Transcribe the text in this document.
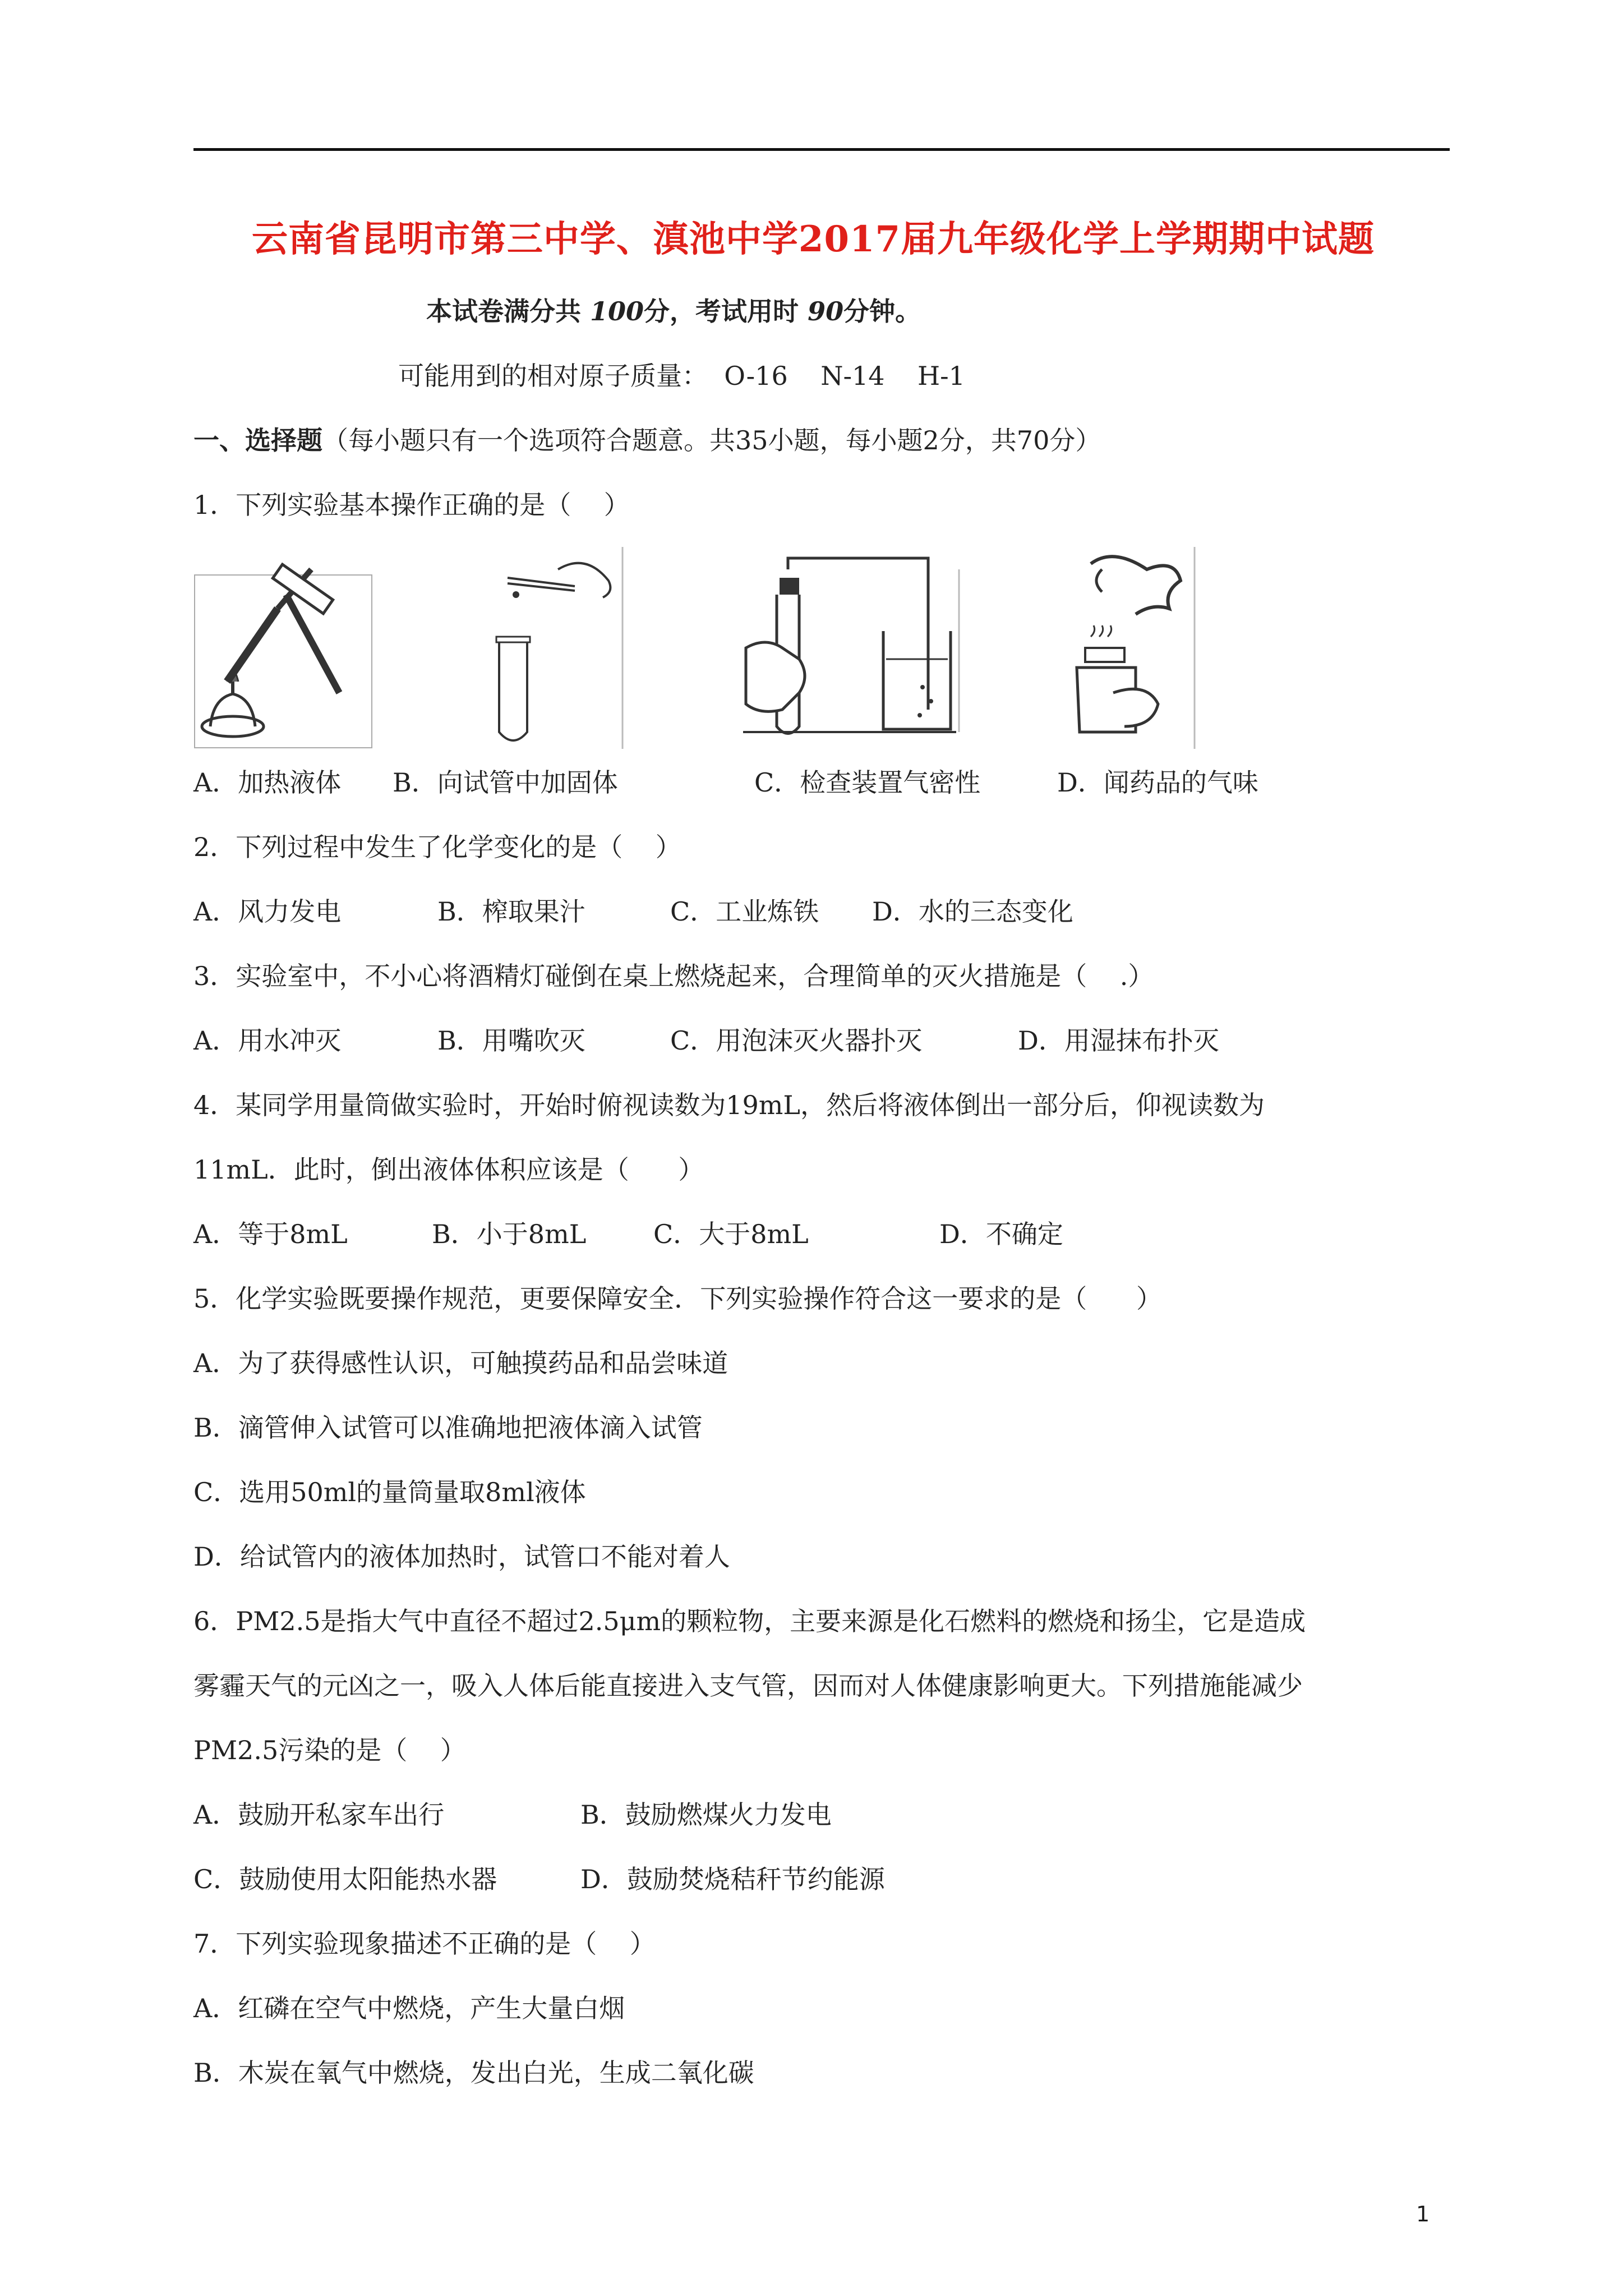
云南省昆明市第三中学、滇池中学2017届九年级化学上学期期中试题
本试卷满分共 100分，考试用时 90分钟。
可能用到的相对原子质量：  O-16    N-14    H-1
一、选择题（每小题只有一个选项符合题意。共35小题，每小题2分，共70分）
1．下列实验基本操作正确的是（    ）
A．加热液体 B．向试管中加固体	C．检查装置气密性	D．闻药品的气味
2．下列过程中发生了化学变化的是（    ）
A．风力发电	B．榨取果汁	C．工业炼铁 D．水的三态变化
3．实验室中，不小心将酒精灯碰倒在桌上燃烧起来，合理简单的灭火措施是（    .）
A．用水冲灭	B．用嘴吹灭	C．用泡沫灭火器扑灭	D．用湿抹布扑灭
4．某同学用量筒做实验时，开始时俯视读数为19mL，然后将液体倒出一部分后，仰视读数为
11mL．此时，倒出液体体积应该是（      ）
A．等于8mL	B．小于8mL	C．大于8mL	D．不确定
5．化学实验既要操作规范，更要保障安全．下列实验操作符合这一要求的是（      ）
A．为了获得感性认识，可触摸药品和品尝味道
B．滴管伸入试管可以准确地把液体滴入试管
C．选用50ml的量筒量取8ml液体
D．给试管内的液体加热时，试管口不能对着人
6．PM2.5是指大气中直径不超过2.5μm的颗粒物，主要来源是化石燃料的燃烧和扬尘，它是造成
雾霾天气的元凶之一，吸入人体后能直接进入支气管，因而对人体健康影响更大。下列措施能减少
PM2.5污染的是（    ）
A．鼓励开私家车出行	B．鼓励燃煤火力发电
C．鼓励使用太阳能热水器	D．鼓励焚烧秸秆节约能源
7．下列实验现象描述不正确的是（    ）
A．红磷在空气中燃烧，产生大量白烟
B．木炭在氧气中燃烧，发出白光，生成二氧化碳
1
